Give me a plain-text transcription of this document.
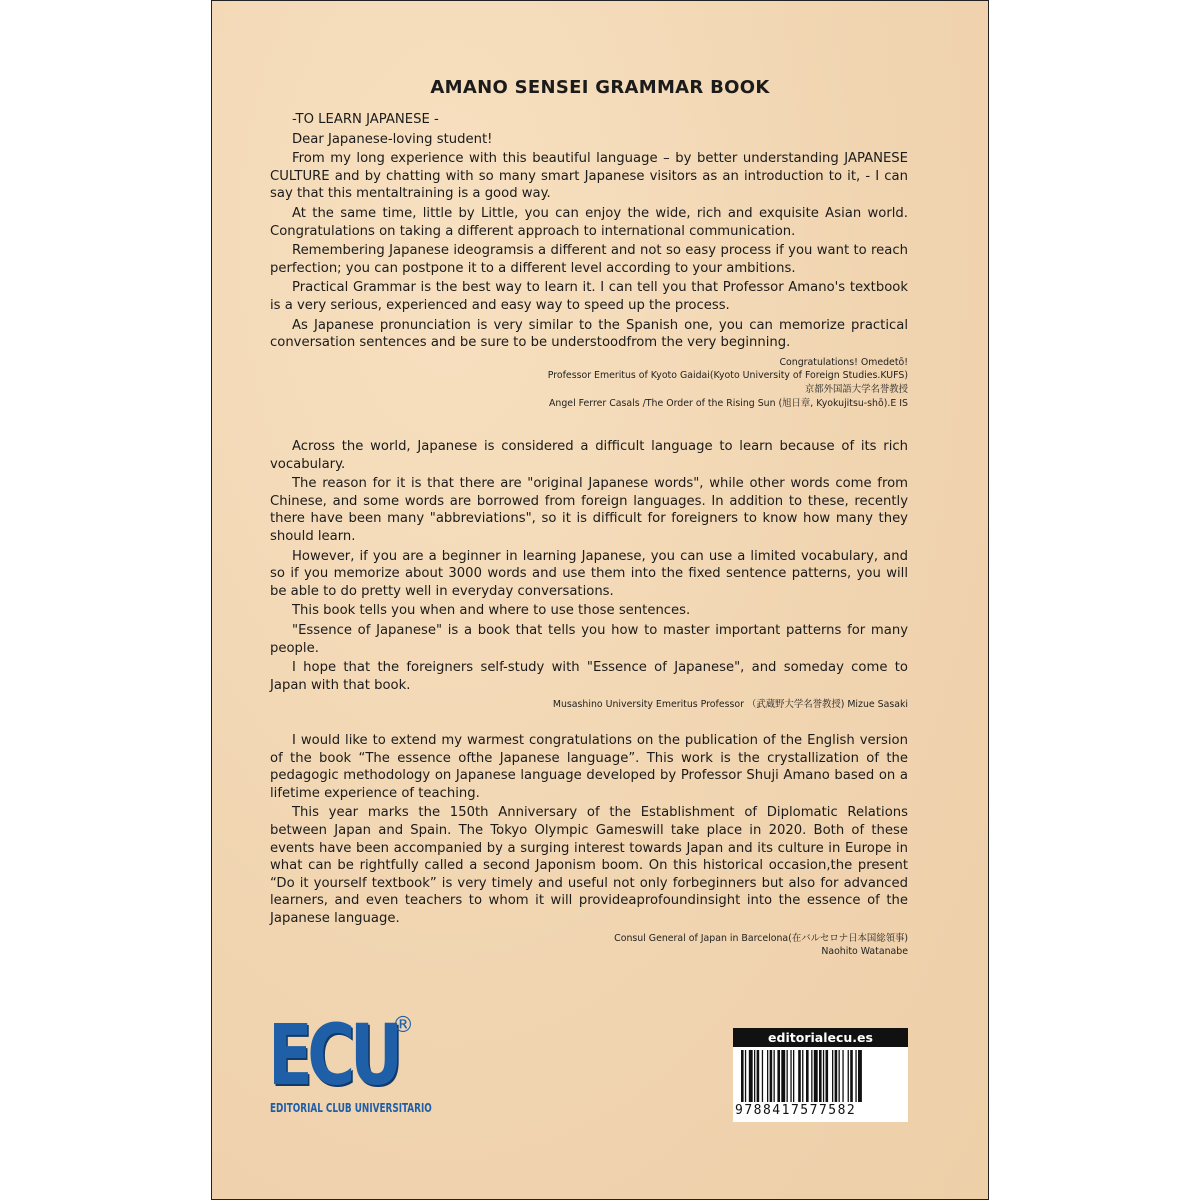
AMANO SENSEI GRAMMAR BOOK

-TO LEARN JAPANESE -

Dear Japanese-loving student!

From my long experience with this beautiful language – by better understanding JAPANESE CULTURE and by chatting with so many smart Japanese visitors as an introduction to it, - I can say that this mentaltraining is a good way.

At the same time, little by Little, you can enjoy the wide, rich and exquisite Asian world. Congratulations on taking a different approach to international communication.

Remembering Japanese ideogramsis a different and not so easy process if you want to reach perfection; you can postpone it to a different level according to your ambitions.

Practical Grammar is the best way to learn it. I can tell you that Professor Amano's textbook is a very serious, experienced and easy way to speed up the process.

As Japanese pronunciation is very similar to the Spanish one, you can memorize practical conversation sentences and be sure to be understoodfrom the very beginning.

Congratulations! Omedetō!
Professor Emeritus of Kyoto Gaidai(Kyoto University of Foreign Studies.KUFS)
京都外国語大学名誉教授
Angel Ferrer Casals /The Order of the Rising Sun (旭日章, Kyokujitsu-shō).E IS

Across the world, Japanese is considered a difficult language to learn because of its rich vocabulary.

The reason for it is that there are "original Japanese words", while other words come from Chinese, and some words are borrowed from foreign languages. In addition to these, recently there have been many "abbreviations", so it is difficult for foreigners to know how many they should learn.

However, if you are a beginner in learning Japanese, you can use a limited vocabulary, and so if you memorize about 3000 words and use them into the fixed sentence patterns, you will be able to do pretty well in everyday conversations.

This book tells you when and where to use those sentences.

"Essence of Japanese" is a book that tells you how to master important patterns for many people.

I hope that the foreigners self-study with "Essence of Japanese", and someday come to Japan with that book.

Musashino University Emeritus Professor （武蔵野大学名誉教授) Mizue Sasaki

I would like to extend my warmest congratulations on the publication of the English version of the book “The essence ofthe Japanese language”. This work is the crystallization of the pedagogic methodology on Japanese language developed by Professor Shuji Amano based on a lifetime experience of teaching.

This year marks the 150th Anniversary of the Establishment of Diplomatic Relations between Japan and Spain. The Tokyo Olympic Gameswill take place in 2020. Both of these events have been accompanied by a surging interest towards Japan and its culture in Europe in what can be rightfully called a second Japonism boom. On this historical occasion,the present “Do it yourself textbook” is very timely and useful not only forbeginners but also for advanced learners, and even teachers to whom it will provideaprofoundinsight into the essence of the Japanese language.

Consul General of Japan in Barcelona(在バルセロナ日本国総領事)
Naohito Watanabe
ECU
®
EDITORIAL CLUB UNIVERSITARIO
editorialecu.es
9788417577582
